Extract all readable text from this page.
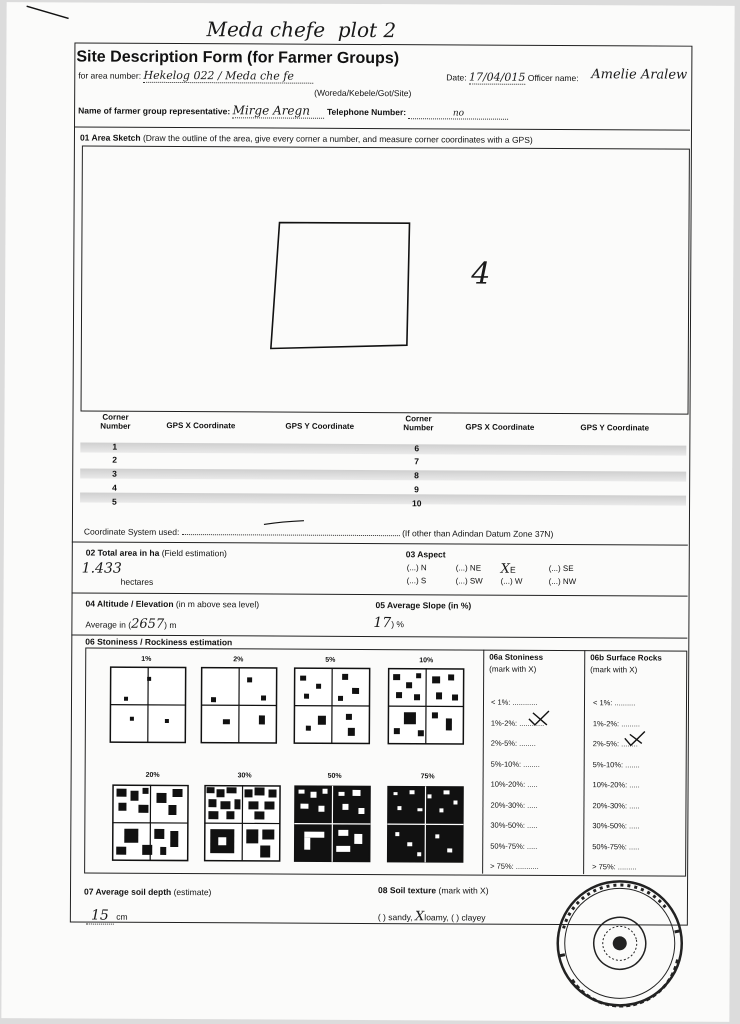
Meda chefe  plot 2
Site Description Form (for Farmer Groups)
for area number: Hekelog 022 / Meda che fe
(Woreda/Kebele/Got/Site)
Date: 17/04/015 Officer name: Amelie Aralew
Name of farmer group representative: Mirge Aregn Telephone Number:	no
01 Area Sketch (Draw the outline of the area, give every corner a number, and measure corner coordinates with a GPS)
4
Corner Number	GPS X Coordinate	GPS Y Coordinate
Corner Number	GPS X Coordinate	GPS Y Coordinate
1
2
3
4
5
6
7
8
9
10
Coordinate System used:	(If other than Adindan Datum Zone 37N)
02 Total area in ha (Field estimation)
1.433
hectares
03 Aspect
(...) N	(...) NE XE	(...) SE
(...) S	(...) SW (...) W	(...) NW
04 Altitude / Elevation (in m above sea level)
Average in (2657) m
05 Average Slope (in %)
17) %
06 Stoniness / Rockiness estimation
1%	2%	5%	10%
20%	30%	50%	75%
06a Stoniness
(mark with X)
06b Surface Rocks
(mark with X)
< 1%: ............
1%-2%: ............
2%-5%: ........
5%-10%: ........
10%-20%: .....
20%-30%: .....
30%-50%: .....
50%-75%: .....
> 75%: ...........
< 1%: ..........
1%-2%: .........
2%-5%: ........
5%-10%: .......
10%-20%: .....
20%-30%: .....
30%-50%: .....
50%-75%: .....
> 75%: .........
07 Average soil depth (estimate)
15 cm
08 Soil texture (mark with X)
( ) sandy, Xloamy, ( ) clayey
